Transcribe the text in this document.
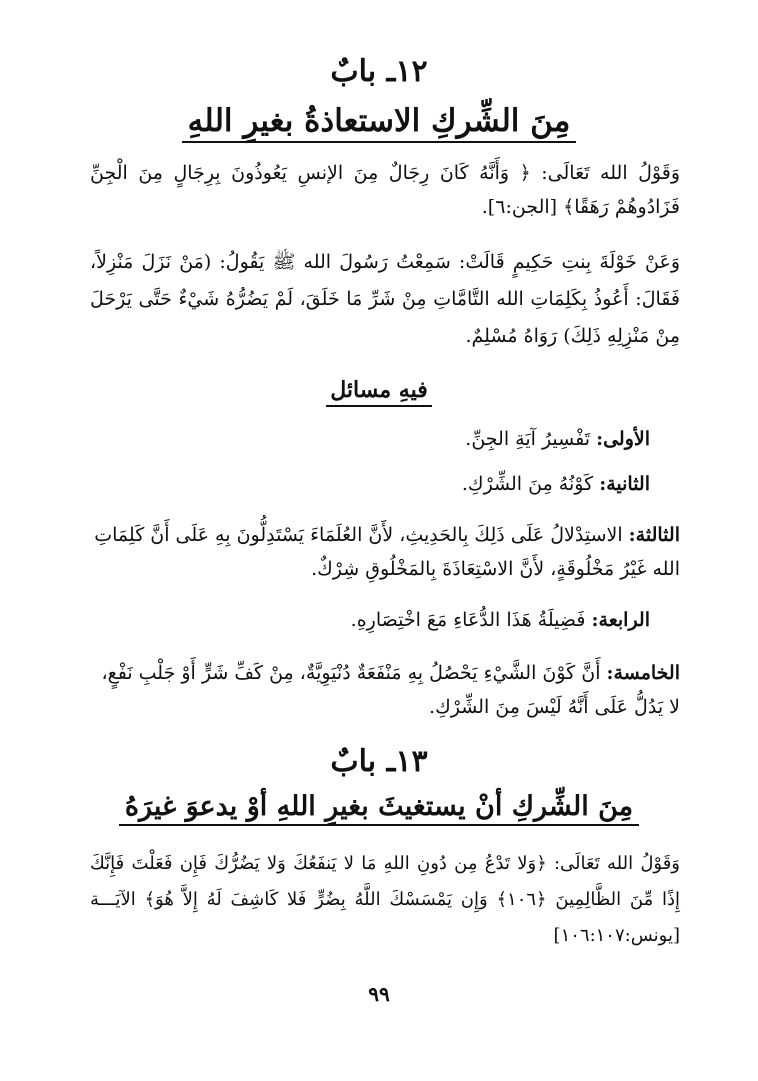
١٢ـ بابٌ
مِنَ الشِّركِ الاستعاذةُ بغيرِ اللهِ
وَقَوْلُ الله تَعَالَى: ﴿ وَأَنَّهُ كَانَ رِجَالٌ مِنَ الإنسِ يَعُوذُونَ بِرِجَالٍ مِنَ الْجِنِّ فَزَادُوهُمْ رَهَقًا﴾ [الجن:٦].
وَعَنْ خَوْلَةَ بِنتِ حَكِيمٍ قَالَتْ: سَمِعْتُ رَسُولَ الله ﷺ يَقُولُ: (مَنْ نَزَلَ مَنْزِلاً، فَقَالَ: أَعُوذُ بِكَلِمَاتِ الله التَّامَّاتِ مِنْ شَرِّ مَا خَلَقَ، لَمْ يَضُرُّهُ شَيْءٌ حَتَّى يَرْحَلَ مِنْ مَنْزِلِهِ ذَلِكَ) رَوَاهُ مُسْلِمٌ.
فيهِ مسائل
الأولى: تَفْسِيرُ آيَةِ الجِنِّ.
الثانية: كَوْنُهُ مِنَ الشِّرْكِ.
الثالثة: الاستِدْلالُ عَلَى ذَلِكَ بِالحَدِيثِ، لأَنَّ العُلَمَاءَ يَسْتَدِلُّونَ بِهِ عَلَى أَنَّ كَلِمَاتِ الله غَيْرُ مَخْلُوقَةٍ، لأَنَّ الاسْتِعَاذَةَ بِالمَخْلُوقِ شِرْكٌ.
الرابعة: فَضِيلَةُ هَذَا الدُّعَاءِ مَعَ اخْتِصَارِهِ.
الخامسة: أَنَّ كَوْنَ الشَّيْءِ يَحْصُلُ بِهِ مَنْفَعَةٌ دُنْيَوِيَّةٌ، مِنْ كَفِّ شَرٍّ أَوْ جَلْبِ نَفْعٍ، لا يَدُلُّ عَلَى أَنَّهُ لَيْسَ مِنَ الشِّرْكِ.
١٣ـ بابٌ
مِنَ الشِّركِ أنْ يستغيثَ بغيرِ اللهِ أوْ يدعوَ غيرَهُ
وَقَوْلُ الله تَعَالَى: ﴿وَلا تَدْعُ مِن دُونِ اللهِ مَا لا يَنفَعُكَ وَلا يَضُرُّكَ فَإِن فَعَلْتَ فَإِنَّكَ إِذًا مِّنَ الظَّالِمِينَ ﴿١٠٦﴾ وَإِن يَمْسَسْكَ اللَّهُ بِضُرٍّ فَلا كَاشِفَ لَهُ إِلاَّ هُوَ﴾ الآيَـــة [يونس:١٠٦:١٠٧]
٩٩
